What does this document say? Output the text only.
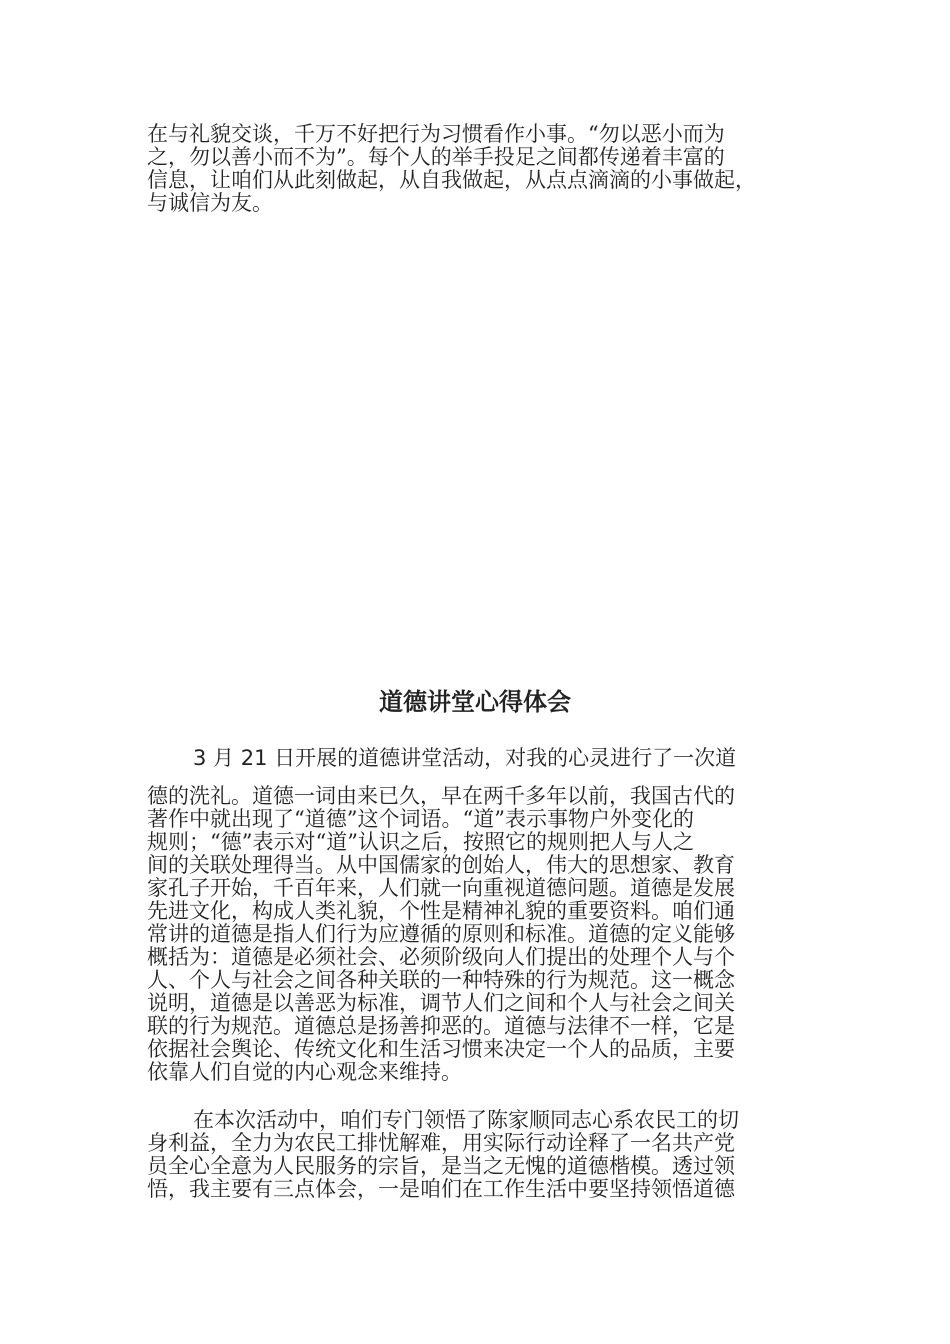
在与礼貌交谈，千万不好把行为习惯看作小事。“勿以恶小而为
之，勿以善小而不为”。每个人的举手投足之间都传递着丰富的
信息，让咱们从此刻做起，从自我做起，从点点滴滴的小事做起，
与诚信为友。
道德讲堂心得体会
3 月 21 日开展的道德讲堂活动，对我的心灵进行了一次道
德的洗礼。道德一词由来已久，早在两千多年以前，我国古代的
著作中就出现了“道德”这个词语。“道”表示事物户外变化的
规则；“德”表示对“道”认识之后，按照它的规则把人与人之
间的关联处理得当。从中国儒家的创始人，伟大的思想家、教育
家孔子开始，千百年来，人们就一向重视道德问题。道德是发展
先进文化，构成人类礼貌，个性是精神礼貌的重要资料。咱们通
常讲的道德是指人们行为应遵循的原则和标准。道德的定义能够
概括为：道德是必须社会、必须阶级向人们提出的处理个人与个
人、个人与社会之间各种关联的一种特殊的行为规范。这一概念
说明，道德是以善恶为标准，调节人们之间和个人与社会之间关
联的行为规范。道德总是扬善抑恶的。道德与法律不一样，它是
依据社会舆论、传统文化和生活习惯来决定一个人的品质，主要
依靠人们自觉的内心观念来维持。
在本次活动中，咱们专门领悟了陈家顺同志心系农民工的切
身利益，全力为农民工排忧解难，用实际行动诠释了一名共产党
员全心全意为人民服务的宗旨，是当之无愧的道德楷模。透过领
悟，我主要有三点体会，一是咱们在工作生活中要坚持领悟道德
